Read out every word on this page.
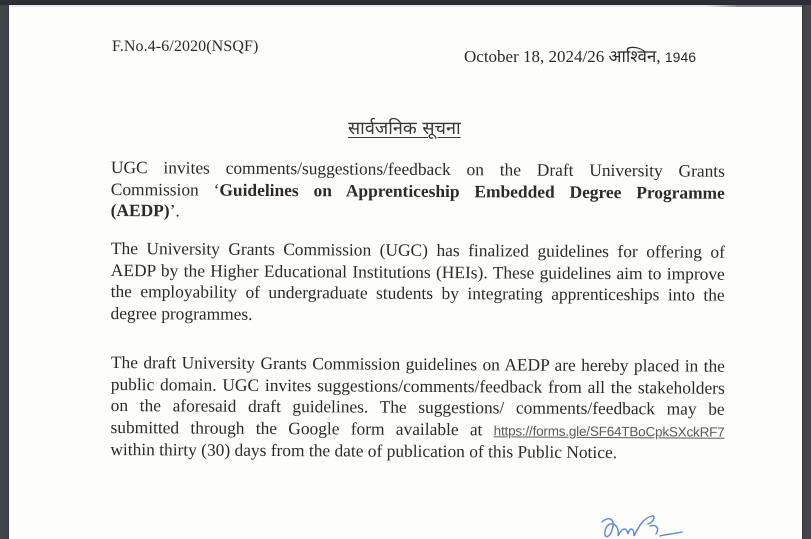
F.No.4-6/2020(NSQF)
October 18, 2024/26 आश्विन, 1946
सार्वजनिक सूचना
UGC invites comments/suggestions/feedback on the Draft University Grants Commission ‘Guidelines on Apprenticeship Embedded Degree Programme (AEDP)’.
The University Grants Commission (UGC) has finalized guidelines for offering of AEDP by the Higher Educational Institutions (HEIs). These guidelines aim to improve the employability of undergraduate students by integrating apprenticeships into the degree programmes.
The draft University Grants Commission guidelines on AEDP are hereby placed in the public domain. UGC invites suggestions/comments/feedback from all the stakeholders on the aforesaid draft guidelines. The suggestions/ comments/feedback may be submitted through the Google form available at https://forms.gle/SF64TBoCpkSXckRF7 within thirty (30) days from the date of publication of this Public Notice.
